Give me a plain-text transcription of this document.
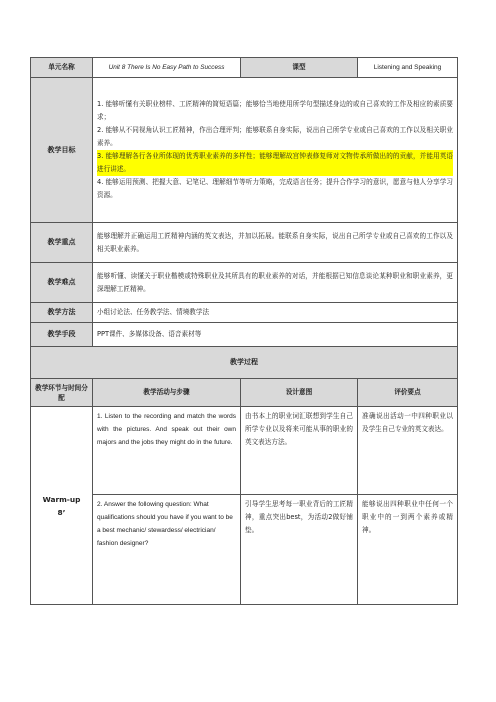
单元名称	Unit 8 There Is No Easy Path to Success	课型	Listening and Speaking
教学目标	1. 能够听懂有关职业榜样、工匠精神的简短语篇；能够恰当地使用所学句型描述身边的或自己喜欢的工作及相应的素质要求；

2. 能够从不同视角认识工匠精神，作出合理评判；能够联系自身实际，说出自己所学专业或自己喜欢的工作以及相关职业素养。

3. 能够理解各行各业所体现的优秀职业素养的多样性；能够理解故宫钟表修复师对文物传承所做出的的贡献，并能用英语进行讲述。

4. 能够运用预测、把握大意、记笔记、理解细节等听力策略，完成语言任务；提升合作学习的意识，愿意与他人分享学习资源。		

教学重点	能够理解并正确运用工匠精神内涵的英文表达，并加以拓展。能联系自身实际，说出自己所学专业或自己喜欢的工作以及相关职业素养。		
教学难点	能够听懂、读懂关于职业楷模或特殊职业及其所具有的职业素养的对话，并能根据已知信息谈论某种职业和职业素养，更深理解工匠精神。		
教学方法	小组讨论法、任务教学法、情境教学法		
教学手段	PPT课件、多媒体设备、语音素材等		
教学过程			
教学环节与时间分配	教学活动与步骤	设计意图	评价要点

Warm-up
8’	1. Listen to the recording and match the words with the pictures. And speak out their own majors and the jobs they might do in the future.	由书本上的职业词汇联想到学生自己所学专业以及将来可能从事的职业的英文表达方法。	准确说出活动一中四种职业以及学生自己专业的英文表达。
	2. Answer the following question: What qualifications should you have if you want to be a best mechanic/ stewardess/ electrician/ fashion designer?	引导学生思考每一职业背后的工匠精神，重点突出best，为活动2做好铺垫。	能够说出四种职业中任何一个职业中的一到两个素养或精神。
